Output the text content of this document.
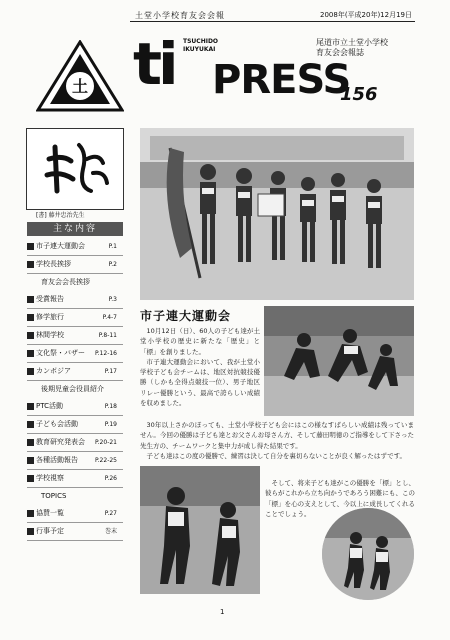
土堂小学校育友会会報	2008年(平成20年)12月19日
土 ti TSUCHIDO
IKUYUKAI
PRESS
尾道市立土堂小学校
育友会会報誌
156
[書] 藤井忠治先生
主な内容
市子連大運動会	P.1
学校長挨拶	P.2
育友会会長挨拶
受賞報告	P.3
修学旅行	P.4-7
林間学校	P.8-11
文化祭・バザー P.12-16
カンボジア	P.17
後期児童会役員紹介
PTC活動	P.18
子ども会活動	P.19
教育研究発表会 P.20-21
各種活動報告	P.22-25
学校視察	P.26
TOPICS
協賛一覧	P.27
行事予定	巻末
市子連大運動会
10月12日（日）、60人の子ども達が土堂小学校の歴史に新たな「歴史」と「標」を創りました。
市子連大運動会において、我が土堂小学校子ども会チームは、地区対抗競技優勝（しかも全得点競技一位）、男子地区リレー優勝という、最高で誇らしい成績を収めました。
30年以上さかのぼっても、土堂小学校子ども会にはこの様なすばらしい成績は残っていません。今回の優勝は子ども達とお父さんお母さん方、そして藤田明徳のご指導をして下さった先生方の、チームワークと集中力が成し得た結果です。
子ども達はこの度の優勝で、練習は決して自分を裏切らないことが良く解ったはずです。
そして、将来子ども達がこの優勝を「標」とし、彼らがこれから立ち向かうであろう困難にも、この「標」を心の支えとして、今以上に成長してくれることでしょう。
1
